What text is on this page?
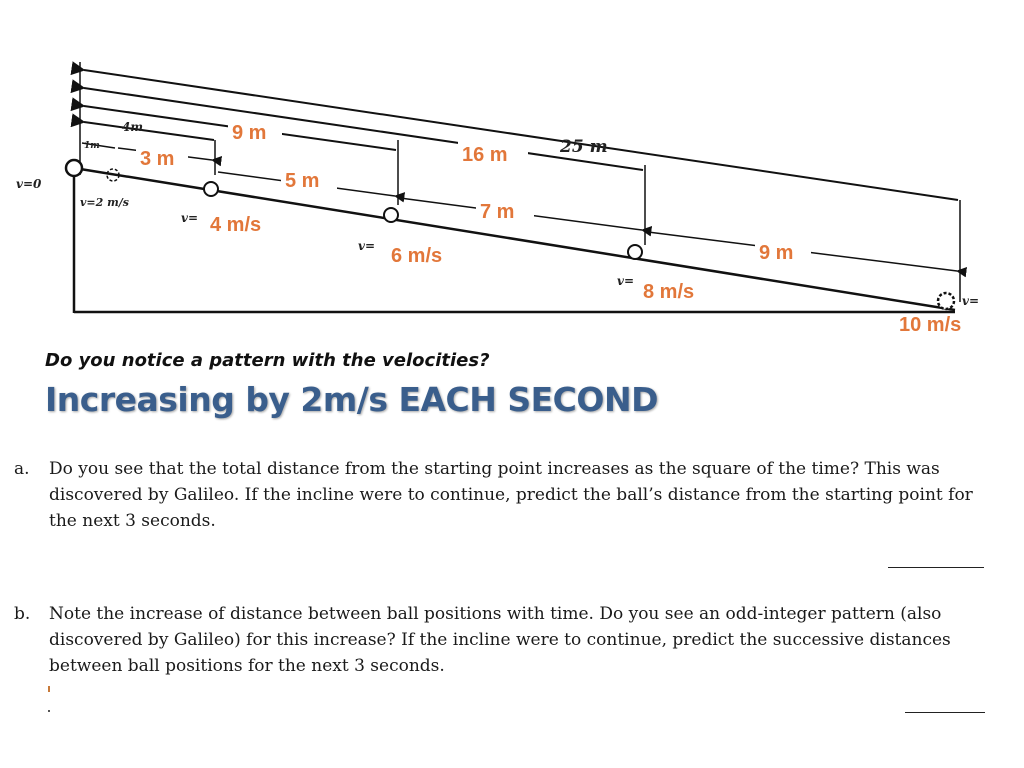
4m
1m
v=0
v=2 m/s
v=
v=
v=
v=
25 m
9 m
3 m	16 m
5 m
7 m
9 m
4 m/s
6 m/s
8 m/s
10 m/s

Do you notice a pattern with the velocities?

Increasing by 2m/s EACH SECOND
a. Do you see that the total distance from the starting point increases as the square of the time? This was discovered by Galileo. If the incline were to continue, predict the ball’s distance from the starting point for the next 3 seconds.
b. Note the increase of distance between ball positions with time. Do you see an odd-integer pattern (also discovered by Galileo) for this increase? If the incline were to continue, predict the successive distances between ball positions for the next 3 seconds.
